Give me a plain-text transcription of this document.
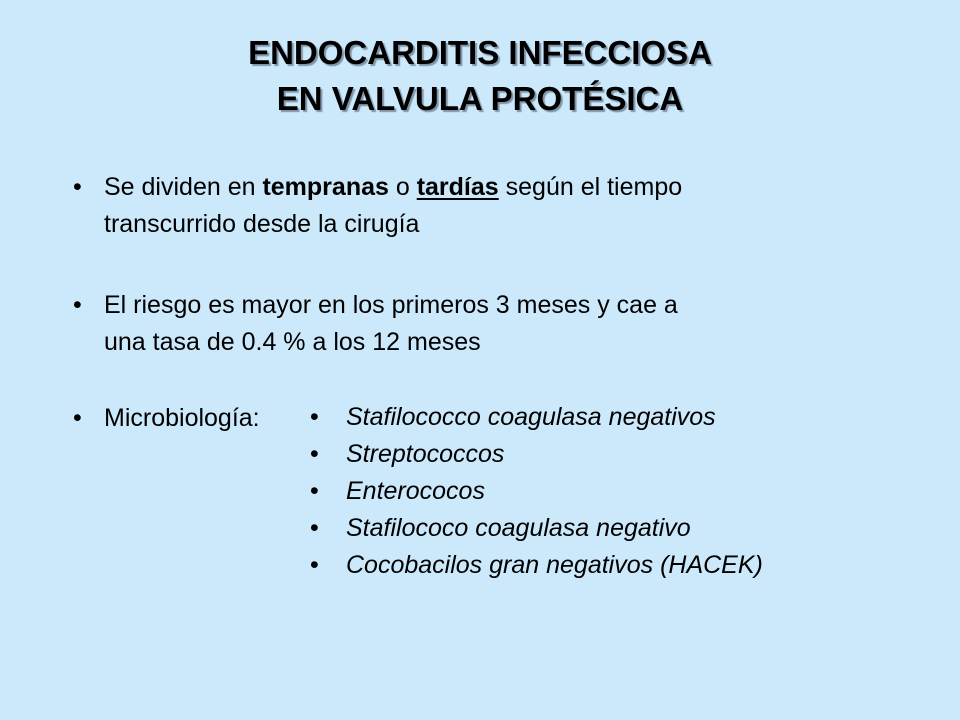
ENDOCARDITIS INFECCIOSA
EN VALVULA PROTÉSICA
• Se dividen en tempranas o tardías según el tiempo
transcurrido desde la cirugía
• El riesgo es mayor en los primeros 3 meses y cae a
una tasa de 0.4 % a los 12 meses
• Microbiología:	• Stafilococco coagulasa negativos
• Streptococcos
• Enterococos
• Stafilococo coagulasa negativo
• Cocobacilos gran negativos (HACEK)
